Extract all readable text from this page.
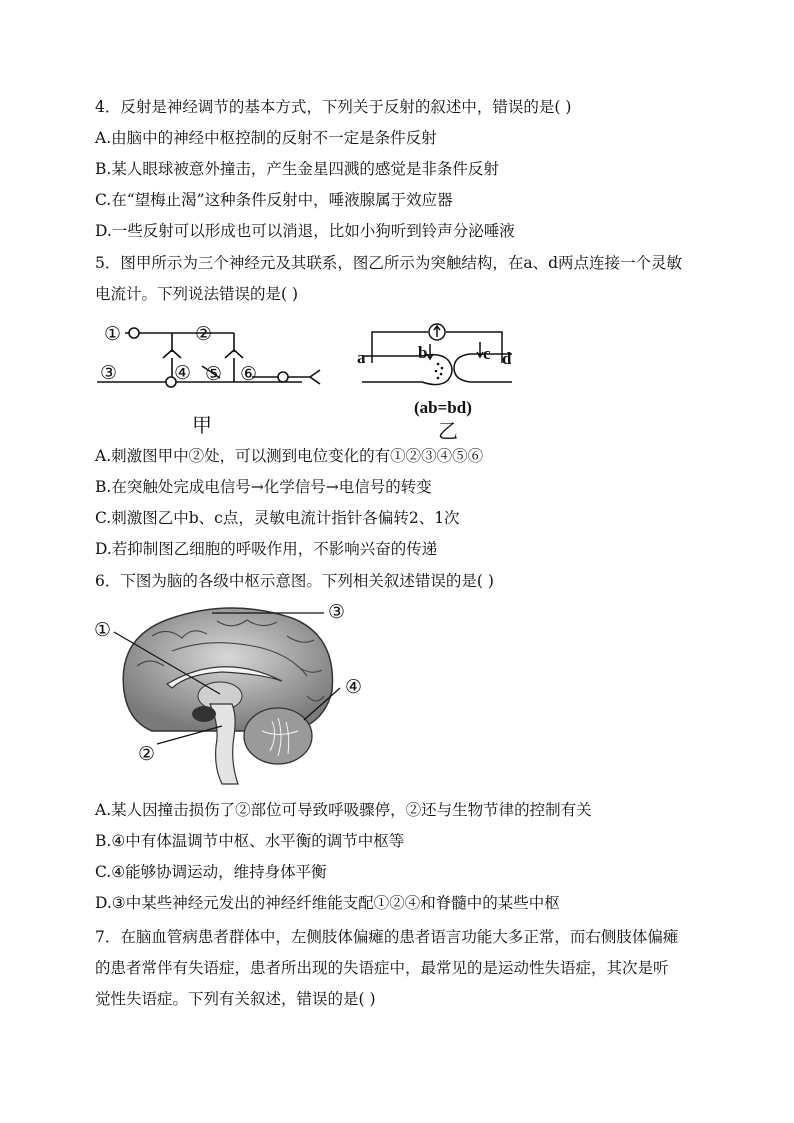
4．反射是神经调节的基本方式，下列关于反射的叙述中，错误的是( )
A.由脑中的神经中枢控制的反射不一定是条件反射
B.某人眼球被意外撞击，产生金星四溅的感觉是非条件反射
C.在“望梅止渴”这种条件反射中，唾液腺属于效应器
D.一些反射可以形成也可以消退，比如小狗听到铃声分泌唾液
5．图甲所示为三个神经元及其联系，图乙所示为突触结构，在a、d两点连接一个灵敏
电流计。下列说法错误的是( )
①	②
③	④ ⑤ ⑥
甲
a	b	c d
(ab=bd)
乙
A.刺激图甲中②处，可以测到电位变化的有①②③④⑤⑥
B.在突触处完成电信号→化学信号→电信号的转变
C.刺激图乙中b、c点，灵敏电流计指针各偏转2、1次
D.若抑制图乙细胞的呼吸作用，不影响兴奋的传递
6．下图为脑的各级中枢示意图。下列相关叙述错误的是( )
①
②
③
④
A.某人因撞击损伤了②部位可导致呼吸骤停，②还与生物节律的控制有关
B.④中有体温调节中枢、水平衡的调节中枢等
C.④能够协调运动，维持身体平衡
D.③中某些神经元发出的神经纤维能支配①②④和脊髓中的某些中枢
7．在脑血管病患者群体中，左侧肢体偏瘫的患者语言功能大多正常，而右侧肢体偏瘫
的患者常伴有失语症，患者所出现的失语症中，最常见的是运动性失语症，其次是听
觉性失语症。下列有关叙述，错误的是( )
